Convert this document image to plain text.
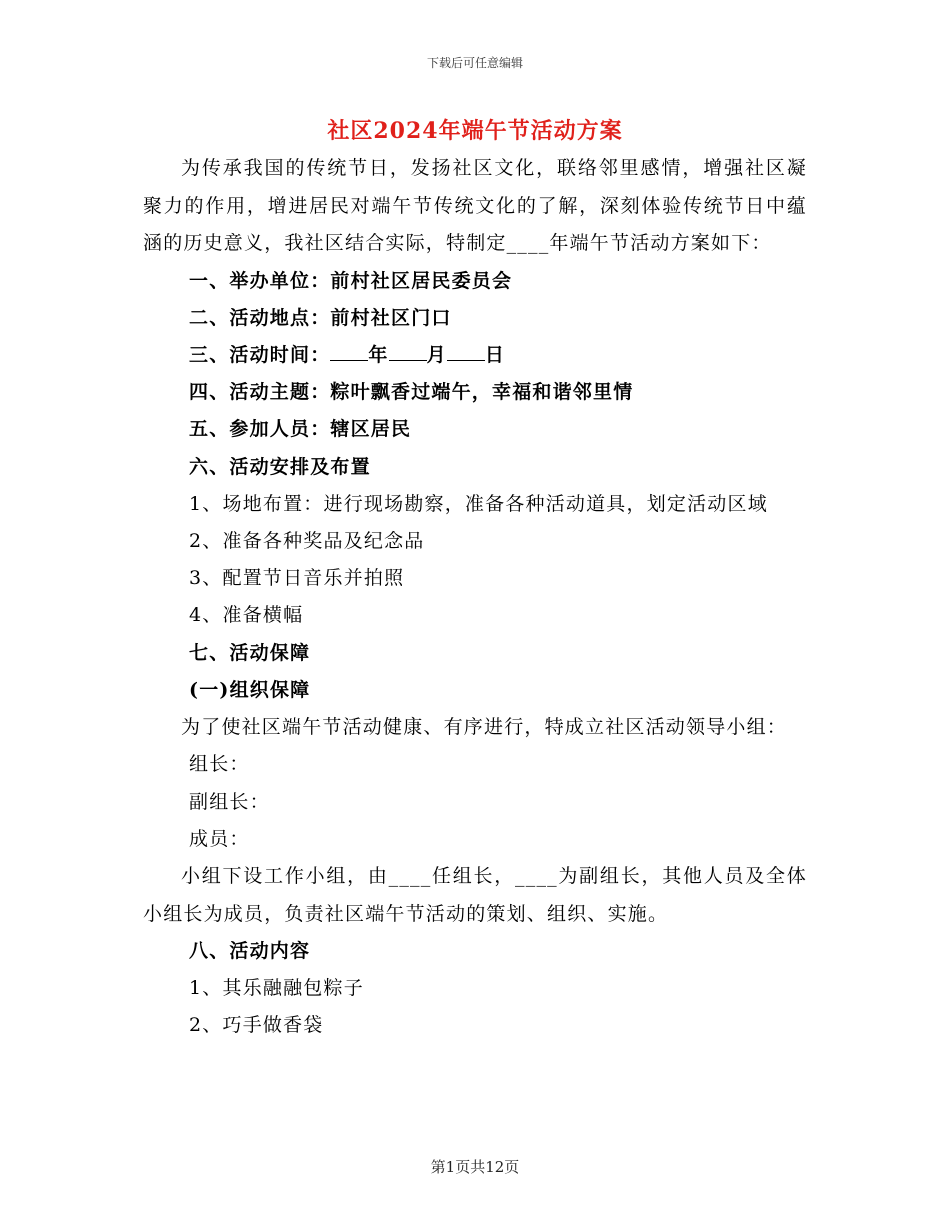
下载后可任意编辑
社区2024年端午节活动方案

为传承我国的传统节日，发扬社区文化，联络邻里感情，增强社区凝聚力的作用，增进居民对端午节传统文化的了解，深刻体验传统节日中蕴涵的历史意义，我社区结合实际，特制定____年端午节活动方案如下：

一、举办单位：前村社区居民委员会

二、活动地点：前村社区门口

三、活动时间： 年 月 日

四、活动主题：粽叶飘香过端午，幸福和谐邻里情

五、参加人员：辖区居民

六、活动安排及布置

1、场地布置：进行现场勘察，准备各种活动道具，划定活动区域

2、准备各种奖品及纪念品

3、配置节日音乐并拍照

4、准备横幅

七、活动保障

(一)组织保障

为了使社区端午节活动健康、有序进行，特成立社区活动领导小组：

组长：

副组长：

成员：

小组下设工作小组，由____任组长，____为副组长，其他人员及全体小组长为成员，负责社区端午节活动的策划、组织、实施。

八、活动内容

1、其乐融融包粽子

2、巧手做香袋

第1页共12页
